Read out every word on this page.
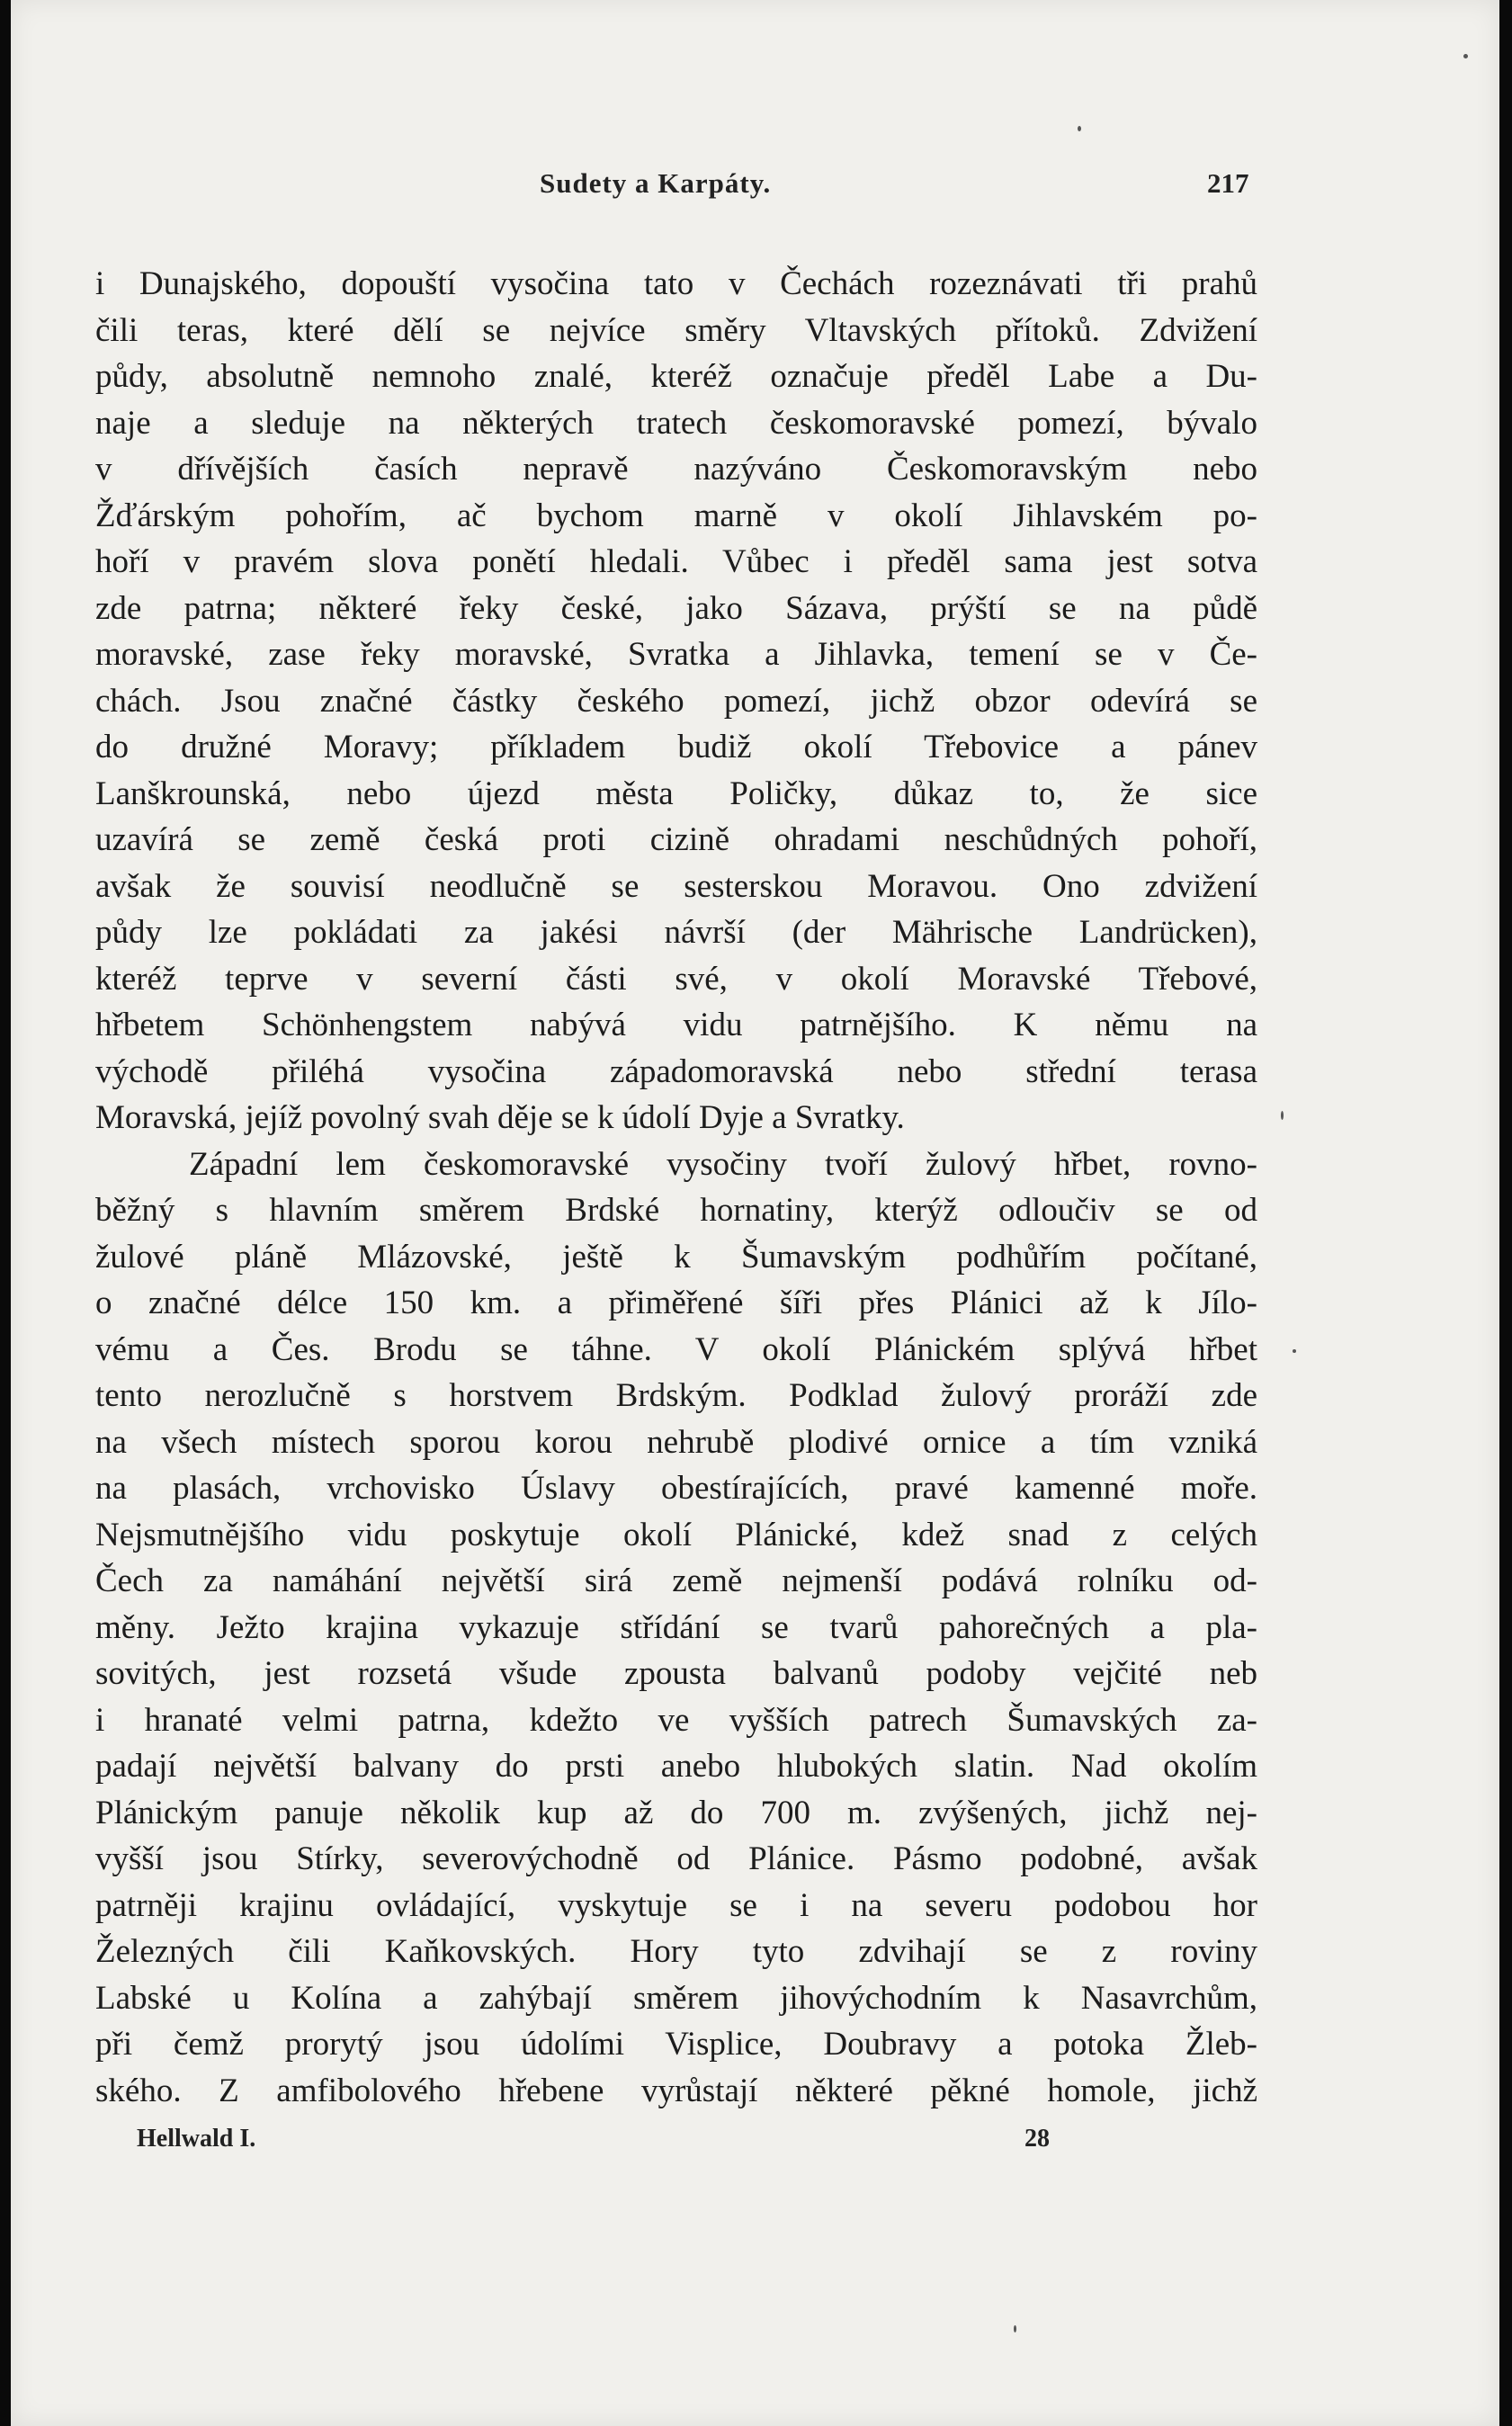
Sudety a Karpáty.	217
i Dunajského, dopouští vysočina tato v Čechách rozeznávati tři prahů
čili teras, které dělí se nejvíce směry Vltavských přítoků. Zdvižení
půdy, absolutně nemnoho znalé, kteréž označuje předěl Labe a Du-
naje a sleduje na některých tratech českomoravské pomezí, bývalo
v dřívějších časích nepravě nazýváno Českomoravským nebo
Žďárským pohořím, ač bychom marně v okolí Jihlavském po-
hoří v pravém slova ponětí hledali. Vůbec i předěl sama jest sotva
zde patrna; některé řeky české, jako Sázava, prýští se na půdě
moravské, zase řeky moravské, Svratka a Jihlavka, temení se v Če-
chách. Jsou značné částky českého pomezí, jichž obzor odevírá se
do družné Moravy; příkladem budiž okolí Třebovice a pánev
Lanškrounská, nebo újezd města Poličky, důkaz to, že sice
uzavírá se země česká proti cizině ohradami neschůdných pohoří,
avšak že souvisí neodlučně se sesterskou Moravou. Ono zdvižení
půdy lze pokládati za jakési návrší (der Mährische Landrücken),
kteréž teprve v severní části své, v okolí Moravské Třebové,
hřbetem Schönhengstem nabývá vidu patrnějšího. K němu na
východě přiléhá vysočina západomoravská nebo střední terasa
Moravská, jejíž povolný svah děje se k údolí Dyje a Svratky.
Západní lem českomoravské vysočiny tvoří žulový hřbet, rovno-
běžný s hlavním směrem Brdské hornatiny, kterýž odloučiv se od
žulové pláně Mlázovské, ještě k Šumavským podhůřím počítané,
o značné délce 150 km. a přiměřené šíři přes Plánici až k Jílo-
vému a Čes. Brodu se táhne. V okolí Plánickém splývá hřbet
tento nerozlučně s horstvem Brdským. Podklad žulový proráží zde
na všech místech sporou korou nehrubě plodivé ornice a tím vzniká
na plasách, vrchovisko Úslavy obestírajících, pravé kamenné moře.
Nejsmutnějšího vidu poskytuje okolí Plánické, kdež snad z celých
Čech za namáhání největší sirá země nejmenší podává rolníku od-
měny. Ježto krajina vykazuje střídání se tvarů pahorečných a pla-
sovitých, jest rozsetá všude zpousta balvanů podoby vejčité neb
i hranaté velmi patrna, kdežto ve vyšších patrech Šumavských za-
padají největší balvany do prsti anebo hlubokých slatin. Nad okolím
Plánickým panuje několik kup až do 700 m. zvýšených, jichž nej-
vyšší jsou Stírky, severovýchodně od Plánice. Pásmo podobné, avšak
patrněji krajinu ovládající, vyskytuje se i na severu podobou hor
Železných čili Kaňkovských. Hory tyto zdvihají se z roviny
Labské u Kolína a zahýbají směrem jihovýchodním k Nasavrchům,
při čemž prorytý jsou údolími Visplice, Doubravy a potoka Žleb-
ského. Z amfibolového hřebene vyrůstají některé pěkné homole, jichž
Hellwald I.	28
